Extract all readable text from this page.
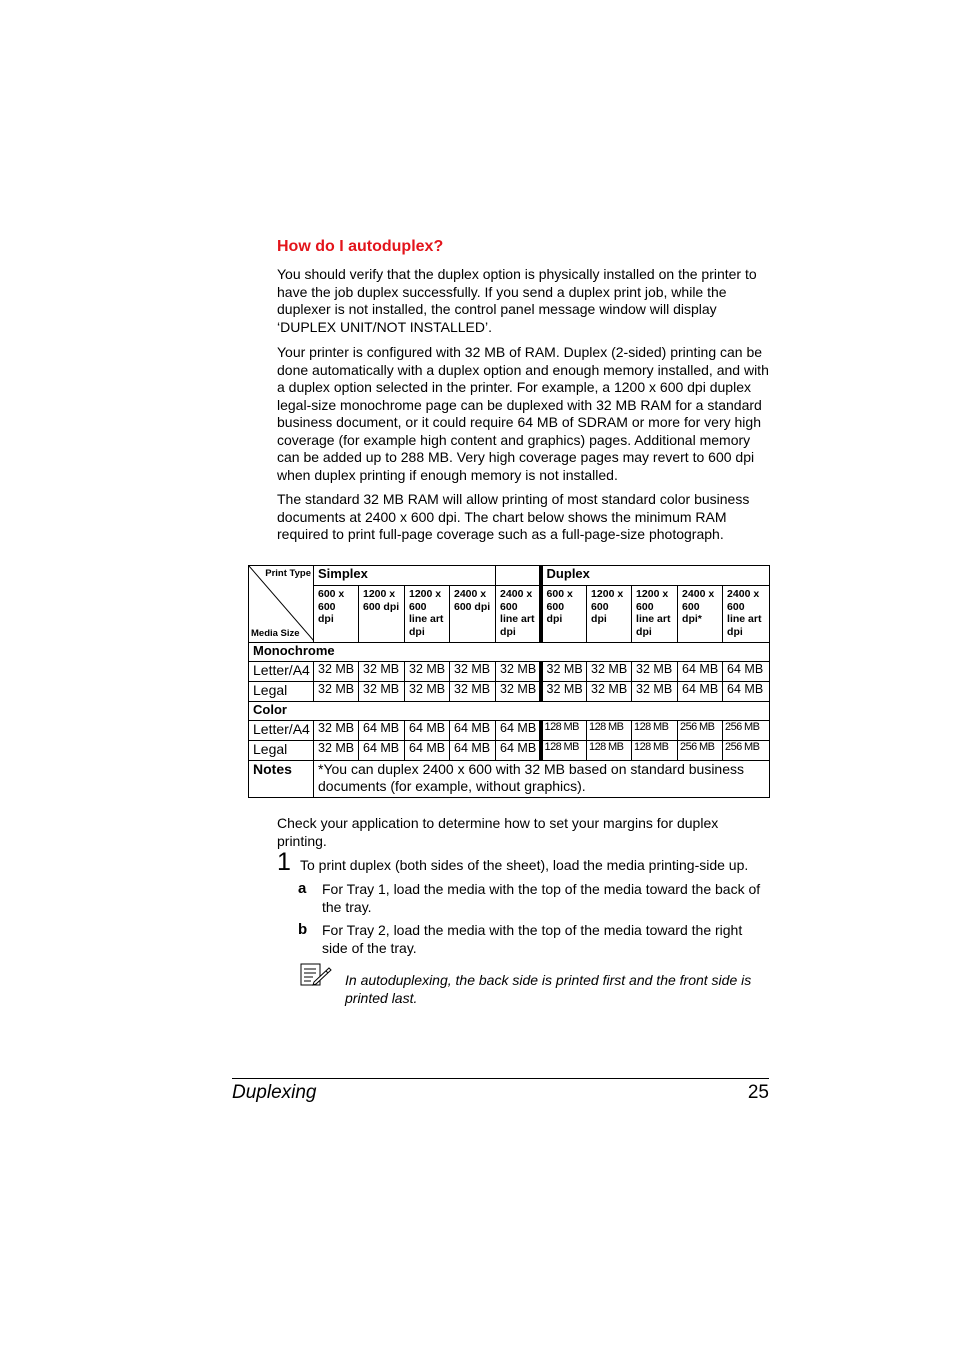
How do I autoduplex?

You should verify that the duplex option is physically installed on the printer to have the job duplex successfully. If you send a duplex print job, while the duplexer is not installed, the control panel message window will display ‘DUPLEX UNIT/NOT INSTALLED’.

Your printer is configured with 32 MB of RAM. Duplex (2-sided) printing can be done automatically with a duplex option and enough memory installed, and with a duplex option selected in the printer. For example, a 1200 x 600 dpi duplex legal-size monochrome page can be duplexed with 32 MB RAM for a standard business document, or it could require 64 MB of SDRAM or more for very high coverage (for example high content and graphics) pages. Additional memory can be added up to 288 MB. Very high coverage pages may revert to 600 dpi when duplex printing if enough memory is not installed.

The standard 32 MB RAM will allow printing of most standard color business documents at 2400 x 600 dpi. The chart below shows the minimum RAM required to print full-page coverage such as a full-page-size photograph.

Print Type
Media Size	Simplex					Duplex				
	600 x 600 dpi	1200 x 600 dpi	1200 x 600 line art dpi	2400 x 600 dpi	2400 x 600 line art dpi	600 x 600 dpi	1200 x 600 dpi	1200 x 600 line art dpi	2400 x 600 dpi*	2400 x 600 line art dpi
Monochrome										
Letter/A4	32 MB	32 MB	32 MB	32 MB	32 MB	32 MB	32 MB	32 MB	64 MB	64 MB
Legal	32 MB	32 MB	32 MB	32 MB	32 MB	32 MB	32 MB	32 MB	64 MB	64 MB
Color										
Letter/A4	32 MB	64 MB	64 MB	64 MB	64 MB	128 MB	128 MB	128 MB	256 MB	256 MB
Legal	32 MB	64 MB	64 MB	64 MB	64 MB	128 MB	128 MB	128 MB	256 MB	256 MB
Notes	*You can duplex 2400 x 600 with 32 MB based on standard business documents (for example, without graphics).									

Check your application to determine how to set your margins for duplex printing.

1 To print duplex (both sides of the sheet), load the media printing-side up.
a For Tray 1, load the media with the top of the media toward the back of the tray.

b For Tray 2, load the media with the top of the media toward the right side of the tray.

In autoduplexing, the back side is printed first and the front side is printed last.

Duplexing	25
